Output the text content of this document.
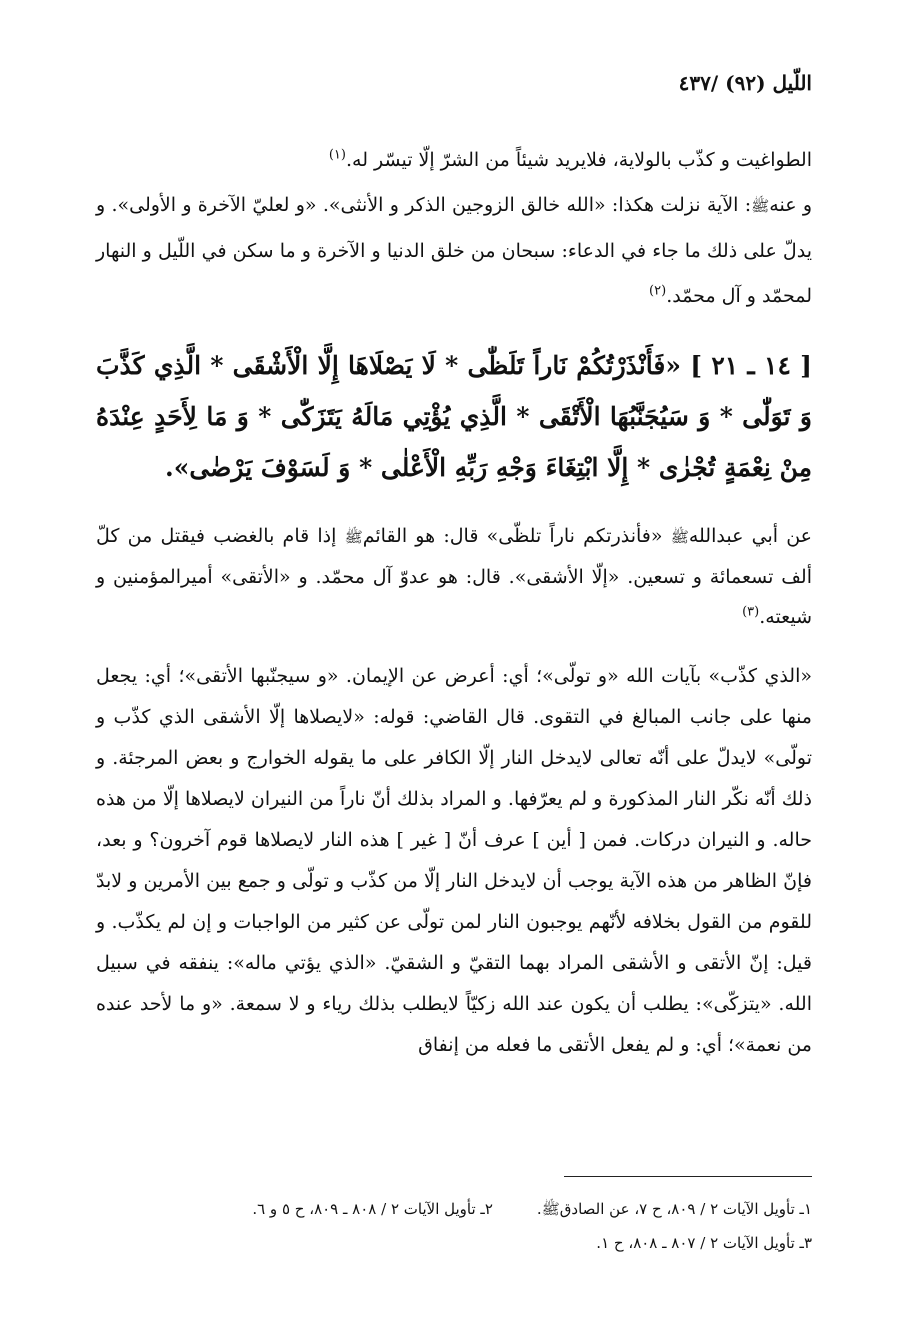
اللّيل (٩٢) /٤٣٧

الطواغيت و كذّب بالولاية، فلايريد شيئاً من الشرّ إلّا تيسّر له.$^{(١)}$

و عنهﷺ: الآية نزلت هكذا: «الله خالق الزوجين الذكر و الأنثى». «و لعليّ الآخرة و الأولى». و يدلّ على ذلك ما جاء في الدعاء: سبحان من خلق الدنيا و الآخرة و ما سكن في اللّيل و النهار لمحمّد و آل محمّد.$^{(٢)}$

[ ١٤ ـ ٢١ ] «فَأَنْذَرْتُكُمْ نَاراً تَلَظّٰى * لَا يَصْلَاهَا إِلَّا الْأَشْقَى * الَّذِي كَذَّبَ وَ تَوَلّٰى * وَ سَيُجَنَّبُهَا الْأَتْقَى * الَّذِي يُؤْتِي مَالَهُ يَتَزَكّٰى * وَ مَا لِأَحَدٍ عِنْدَهُ مِنْ نِعْمَةٍ تُجْزٰى * إِلَّا ابْتِغَاءَ وَجْهِ رَبِّهِ الْأَعْلٰى * وَ لَسَوْفَ يَرْضٰى».

عن أبي عبداللهﷺ «فأنذرتكم ناراً تلظّى» قال: هو القائمﷺ إذا قام بالغضب فيقتل من كلّ ألف تسعمائة و تسعين. «إلّا الأشقى». قال: هو عدوّ آل محمّد. و «الأتقى» أميرالمؤمنين و شيعته.$^{(٣)}$

«الذي كذّب» بآيات الله «و تولّى»؛ أي: أعرض عن الإيمان. «و سيجنّبها الأتقى»؛ أي: يجعل منها على جانب المبالغ في التقوى. قال القاضي: قوله: «لايصلاها إلّا الأشقى الذي كذّب و تولّى» لايدلّ على أنّه تعالى لايدخل النار إلّا الكافر على ما يقوله الخوارج و بعض المرجئة. و ذلك أنّه نكّر النار المذكورة و لم يعرّفها. و المراد بذلك أنّ ناراً من النيران لايصلاها إلّا من هذه حاله. و النيران دركات. فمن [ أين ] عرف أنّ [ غير ] هذه النار لايصلاها قوم آخرون؟ و بعد، فإنّ الظاهر من هذه الآية يوجب أن لايدخل النار إلّا من كذّب و تولّى و جمع بين الأمرين و لابدّ للقوم من القول بخلافه لأنّهم يوجبون النار لمن تولّى عن كثير من الواجبات و إن لم يكذّب. و قيل: إنّ الأتقى و الأشقى المراد بهما التقيّ و الشقيّ. «الذي يؤتي ماله»: ينفقه في سبيل الله. «يتزكّى»: يطلب أن يكون عند الله زكيّاً لايطلب بذلك رياء و لا سمعة. «و ما لأحد عنده من نعمة»؛ أي: و لم يفعل الأتقى ما فعله من إنفاق

١ـ تأويل الآيات ٢ / ٨٠٩، ح ٧، عن الصادقﷺ.
٢ـ تأويل الآيات ٢ / ٨٠٨ ـ ٨٠٩، ح ٥ و ٦.
٣ـ تأويل الآيات ٢ / ٨٠٧ ـ ٨٠٨، ح ١.
